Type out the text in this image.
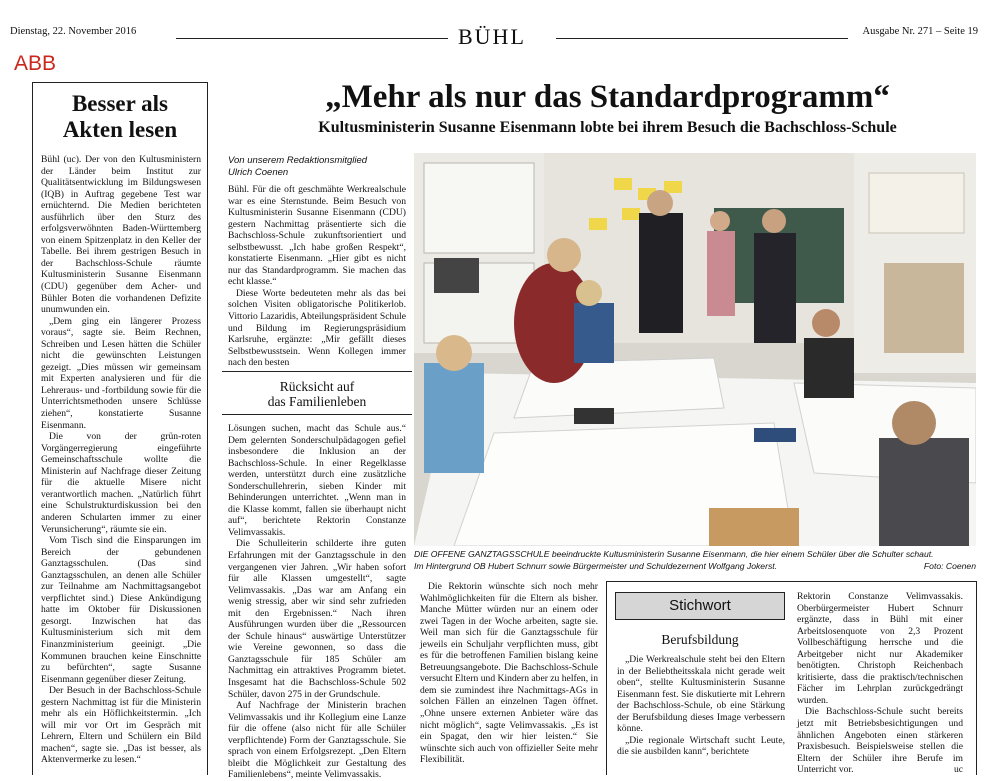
Dienstag, 22. November 2016	BÜHL	Ausgabe Nr. 271 – Seite 19
ABB
Besser als
Akten lesen

Bühl (uc). Der von den Kultusministern der Länder beim Institut zur Qualitätsentwicklung im Bildungswesen (IQB) in Auftrag gegebene Test war ernüchternd. Die Medien berichteten ausführlich über den Sturz des erfolgsverwöhnten Baden-Württemberg von einem Spitzenplatz in den Keller der Tabelle. Bei ihrem gestrigen Besuch in der Bachschloss-Schule räumte Kultusministerin Susanne Eisenmann (CDU) gegenüber dem Acher- und Bühler Boten die vorhandenen Defizite unumwunden ein.

„Dem ging ein längerer Prozess voraus“, sagte sie. Beim Rechnen, Schreiben und Lesen hätten die Schüler nicht die gewünschten Leistungen gezeigt. „Dies müssen wir gemeinsam mit Experten analysieren und für die Lehreraus- und -fortbildung sowie für die Unterrichtsmethoden unsere Schlüsse ziehen“, konstatierte Susanne Eisenmann.

Die von der grün-roten Vorgängerregierung eingeführte Gemeinschaftsschule wollte die Ministerin auf Nachfrage dieser Zeitung für die aktuelle Misere nicht verantwortlich machen. „Natürlich führt eine Schulstrukturdiskussion bei den anderen Schularten immer zu einer Verunsicherung“, räumte sie ein.

Vom Tisch sind die Einsparungen im Bereich der gebundenen Ganztagsschulen. (Das sind Ganztagsschulen, an denen alle Schüler zur Teilnahme am Nachmittagsangebot verpflichtet sind.) Diese Ankündigung hatte im Oktober für Diskussionen gesorgt. Inzwischen hat das Kultusministerium sich mit dem Finanzministerium geeinigt. „Die Kommunen brauchen keine Einschnitte zu befürchten“, sagte Susanne Eisenmann gegenüber dieser Zeitung.

Der Besuch in der Bachschloss-Schule gestern Nachmittag ist für die Ministerin mehr als ein Höflichkeitstermin. „Ich will mir vor Ort im Gespräch mit Lehrern, Eltern und Schülern ein Bild machen“, sagte sie. „Das ist besser, als Aktenvermerke zu lesen.“

„Mehr als nur das Standardprogramm“
Kultusministerin Susanne Eisenmann lobte bei ihrem Besuch die Bachschloss-Schule
Von unserem Redaktionsmitglied
Ulrich Coenen

Bühl. Für die oft geschmähte Werkrealschule war es eine Sternstunde. Beim Besuch von Kultusministerin Susanne Eisenmann (CDU) gestern Nachmittag präsentierte sich die Bachschloss-Schule zukunftsorientiert und selbstbewusst. „Ich habe großen Respekt“, konstatierte Eisenmann. „Hier gibt es nicht nur das Standardprogramm. Sie machen das echt klasse.“

Diese Worte bedeuteten mehr als das bei solchen Visiten obligatorische Politikerlob. Vittorio Lazaridis, Abteilungspräsident Schule und Bildung im Regierungspräsidium Karlsruhe, ergänzte: „Mir gefällt dieses Selbstbewusstsein. Wenn Kollegen immer nach den besten

Rücksicht auf
das Familienleben

Lösungen suchen, macht das Schule aus.“ Dem gelernten Sonderschulpädagogen gefiel insbesondere die Inklusion an der Bachschloss-Schule. In einer Regelklasse werden, unterstützt durch eine zusätzliche Sonderschullehrerin, sieben Kinder mit Behinderungen unterrichtet. „Wenn man in die Klasse kommt, fallen sie überhaupt nicht auf“, berichtete Rektorin Constanze Velimvassakis.

Die Schulleiterin schilderte ihre guten Erfahrungen mit der Ganztagsschule in den vergangenen vier Jahren. „Wir haben sofort für alle Klassen umgestellt“, sagte Velimvassakis. „Das war am Anfang ein wenig stressig, aber wir sind sehr zufrieden mit den Ergebnissen.“ Nach ihren Ausführungen wurden über die „Ressourcen der Schule hinaus“ auswärtige Unterstützer wie Vereine gewonnen, so dass die Ganztagsschule für 185 Schüler am Nachmittag ein attraktives Programm bietet. Insgesamt hat die Bachschloss-Schule 502 Schüler, davon 275 in der Grundschule.

Auf Nachfrage der Ministerin brachen Velimvassakis und ihr Kollegium eine Lanze für die offene (also nicht für alle Schüler verpflichtende) Form der Ganztagsschule. Sie sprach von einem Erfolgsrezept. „Den Eltern bleibt die Möglichkeit zur Gestaltung des Familienlebens“, meinte Velimvassakis.

DIE OFFENE GANZTAGSSCHULE beeindruckte Kultusministerin Susanne Eisenmann, die hier einem Schüler über die Schulter schaut.
Im Hintergrund OB Hubert Schnurr sowie Bürgermeister und Schuldezernent Wolfgang Jokerst.	Foto: Coenen

Die Rektorin wünschte sich noch mehr Wahlmöglichkeiten für die Eltern als bisher. Manche Mütter würden nur an einem oder zwei Tagen in der Woche arbeiten, sagte sie. Weil man sich für die Ganztagsschule für jeweils ein Schuljahr verpflichten muss, gibt es für die betroffenen Familien bislang keine Betreuungsangebote. Die Bachschloss-Schule versucht Eltern und Kindern aber zu helfen, in dem sie zumindest ihre Nachmittags-AGs in solchen Fällen an einzelnen Tagen öffnet. „Ohne unsere externen Anbieter wäre das nicht möglich“, sagte Velimvassakis. „Es ist ein Spagat, den wir hier leisten.“ Sie wünschte sich auch von offizieller Seite mehr Flexibilität.

Stichwort
Berufsbildung

„Die Werkrealschule steht bei den Eltern in der Beliebtheitsskala nicht gerade weit oben“, stellte Kultusministerin Susanne Eisenmann fest. Sie diskutierte mit Lehrern der Bachschloss-Schule, ob eine Stärkung der Berufsbildung dieses Image verbessern könne.

„Die regionale Wirtschaft sucht Leute, die sie ausbilden kann“, berichtete

Rektorin Constanze Velimvassakis. Oberbürgermeister Hubert Schnurr ergänzte, dass in Bühl mit einer Arbeitslosenquote von 2,3 Prozent Vollbeschäftigung herrsche und die Arbeitgeber nicht nur Akademiker benötigten. Christoph Reichenbach kritisierte, dass die praktisch/technischen Fächer im Lehrplan zurückgedrängt wurden.

Die Bachschloss-Schule sucht bereits jetzt mit Betriebsbesichtigungen und ähnlichen Angeboten einen stärkeren Praxisbesuch. Beispielsweise stellen die Eltern der Schüler ihre Berufe im Unterricht vor.	uc
